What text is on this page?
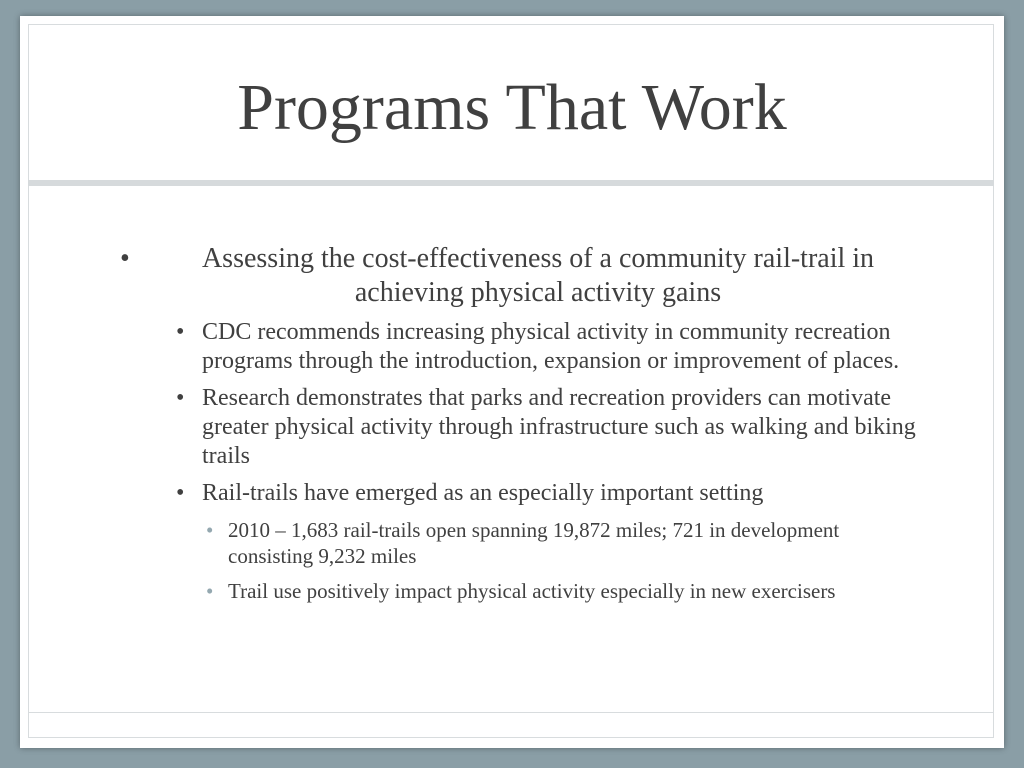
Programs That Work
•	Assessing the cost-effectiveness of a community rail-trail in achieving physical activity gains
• CDC recommends increasing physical activity in community recreation programs through the introduction, expansion or improvement of places.
• Research demonstrates that parks and recreation providers can motivate greater physical activity through infrastructure such as walking and biking trails
• Rail-trails have emerged as an especially important setting
• 2010 – 1,683 rail-trails open spanning 19,872 miles; 721 in development consisting 9,232 miles
• Trail use positively impact physical activity especially in new exercisers
